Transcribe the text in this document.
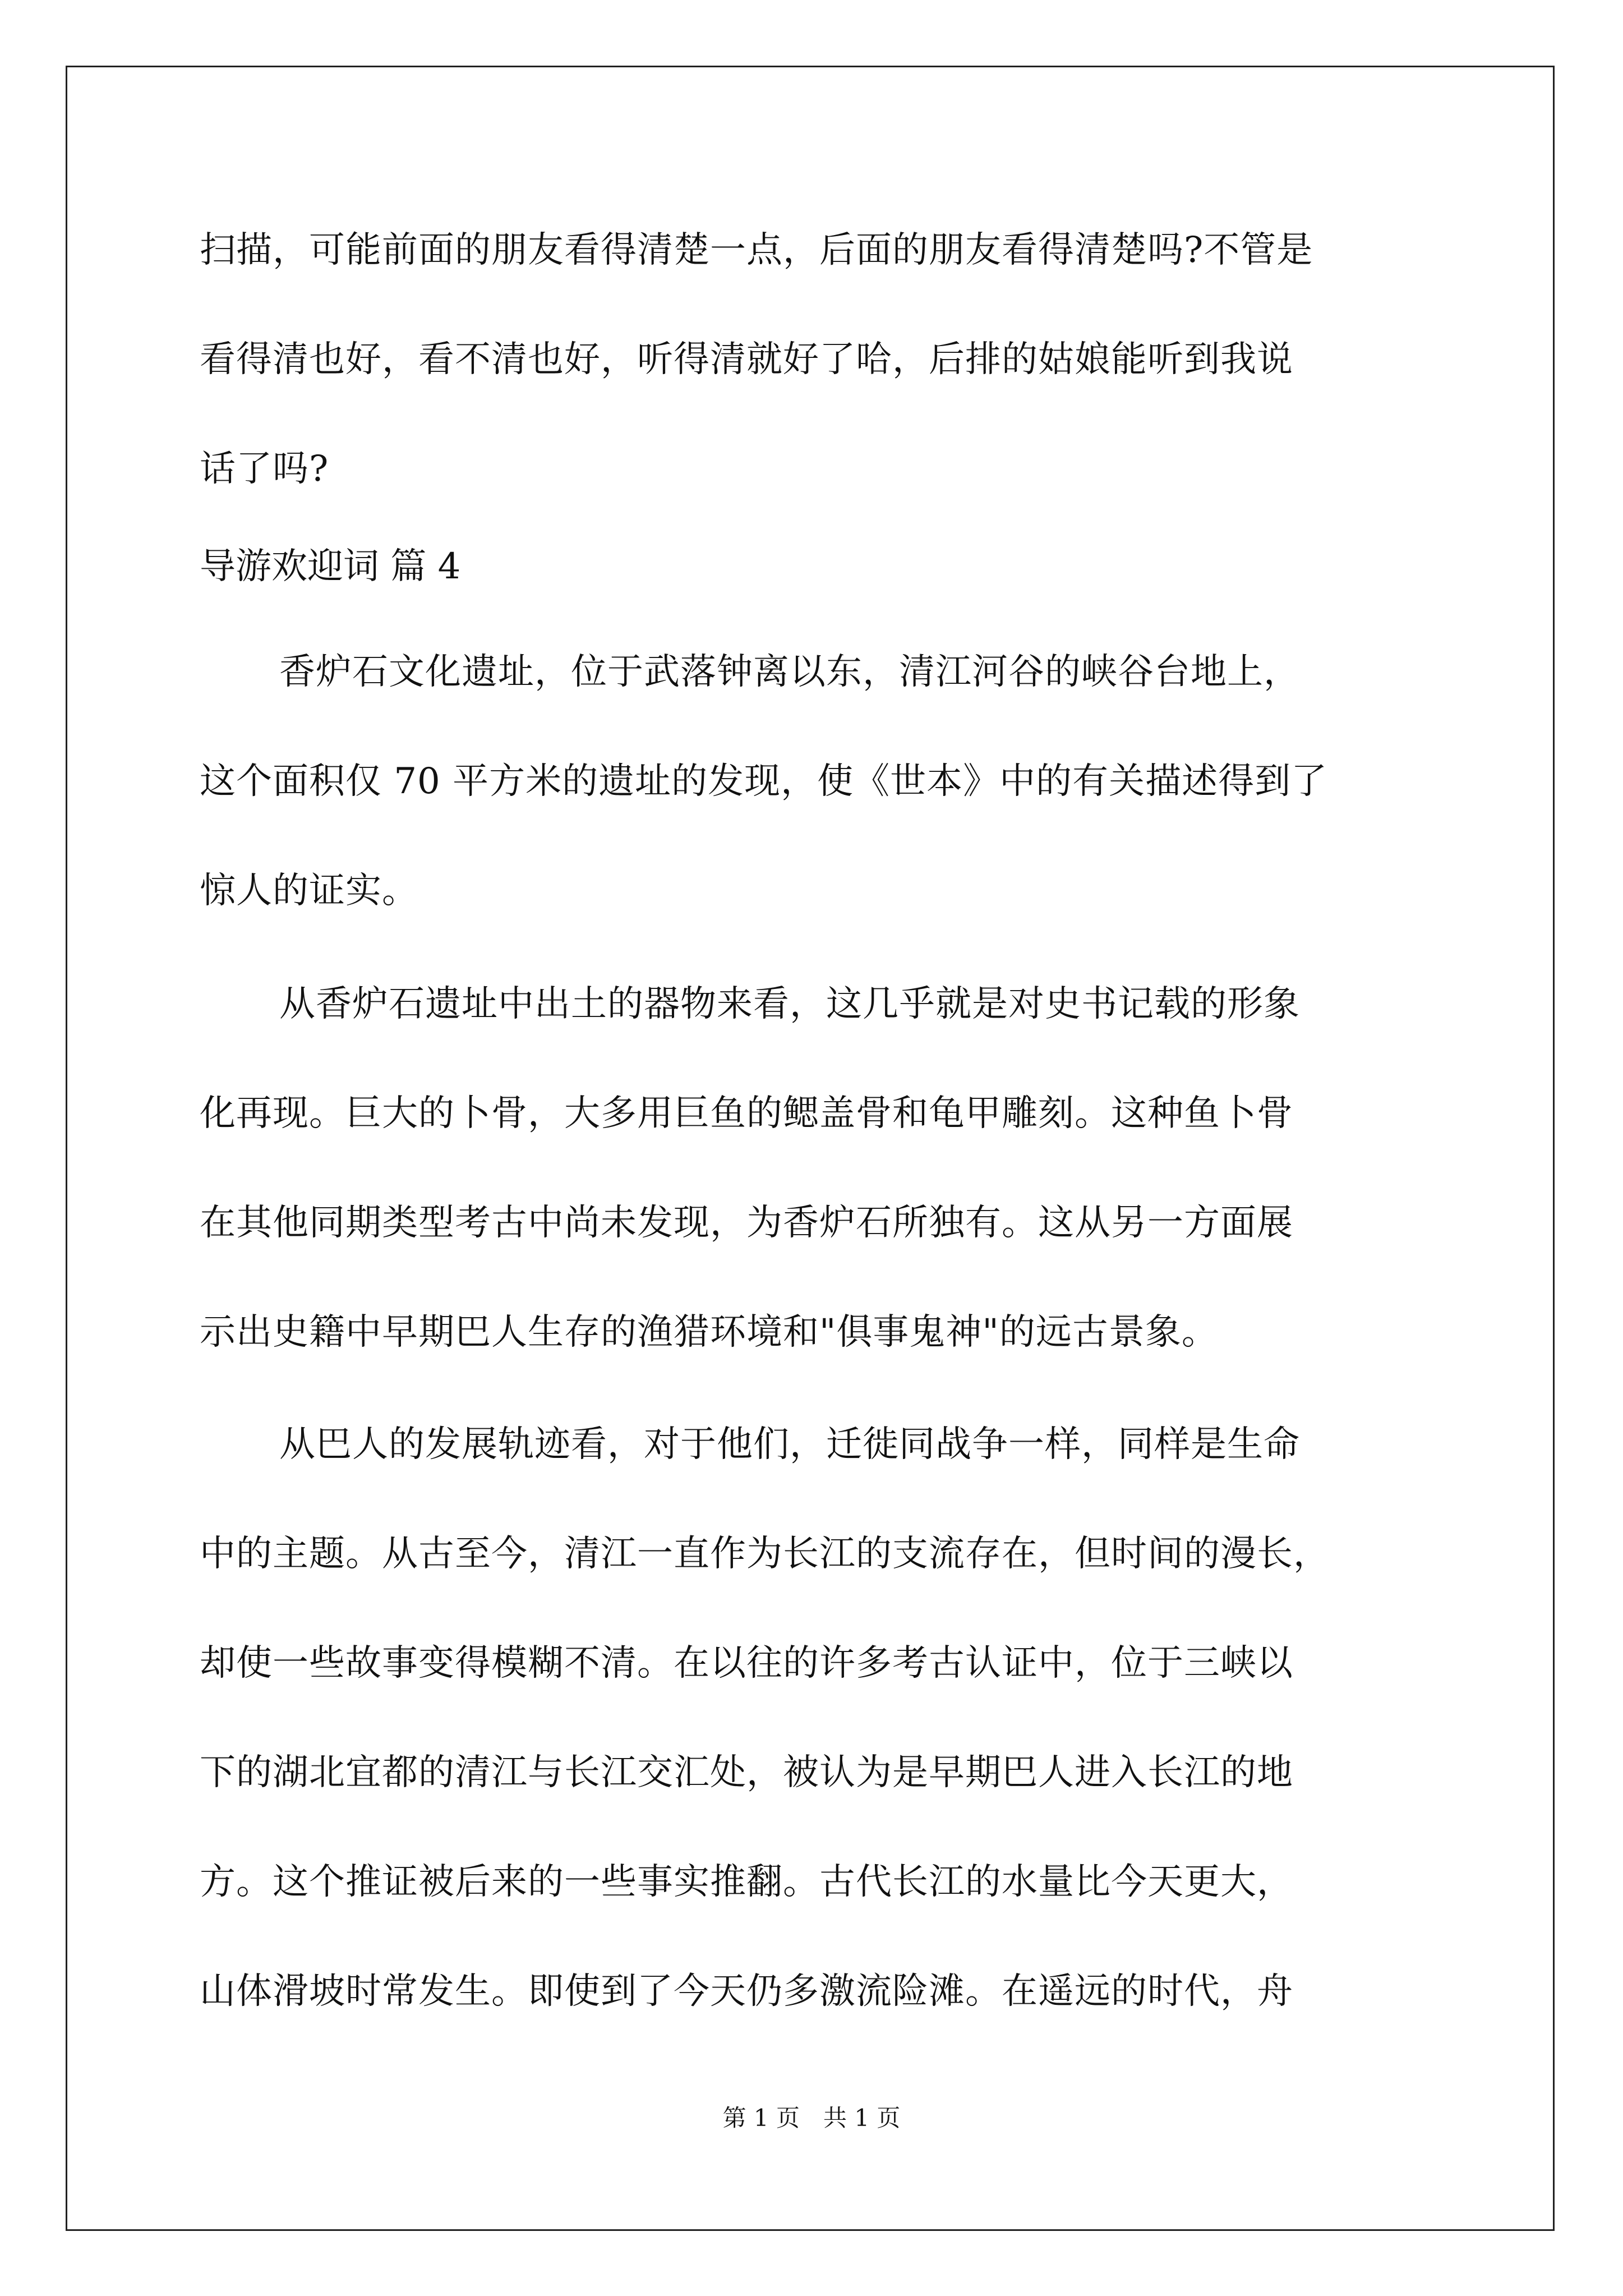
扫描，可能前面的朋友看得清楚一点，后面的朋友看得清楚吗?不管是
看得清也好，看不清也好，听得清就好了哈，后排的姑娘能听到我说
话了吗?
导游欢迎词 篇 4
香炉石文化遗址，位于武落钟离以东，清江河谷的峡谷台地上，
这个面积仅 70 平方米的遗址的发现，使《世本》中的有关描述得到了
惊人的证实。
从香炉石遗址中出土的器物来看，这几乎就是对史书记载的形象
化再现。巨大的卜骨，大多用巨鱼的鳃盖骨和龟甲雕刻。这种鱼卜骨
在其他同期类型考古中尚未发现，为香炉石所独有。这从另一方面展
示出史籍中早期巴人生存的渔猎环境和"俱事鬼神"的远古景象。
从巴人的发展轨迹看，对于他们，迁徙同战争一样，同样是生命
中的主题。从古至今，清江一直作为长江的支流存在，但时间的漫长，
却使一些故事变得模糊不清。在以往的许多考古认证中，位于三峡以
下的湖北宜都的清江与长江交汇处，被认为是早期巴人进入长江的地
方。这个推证被后来的一些事实推翻。古代长江的水量比今天更大，
山体滑坡时常发生。即使到了今天仍多激流险滩。在遥远的时代，舟
第 1 页　共 1 页
